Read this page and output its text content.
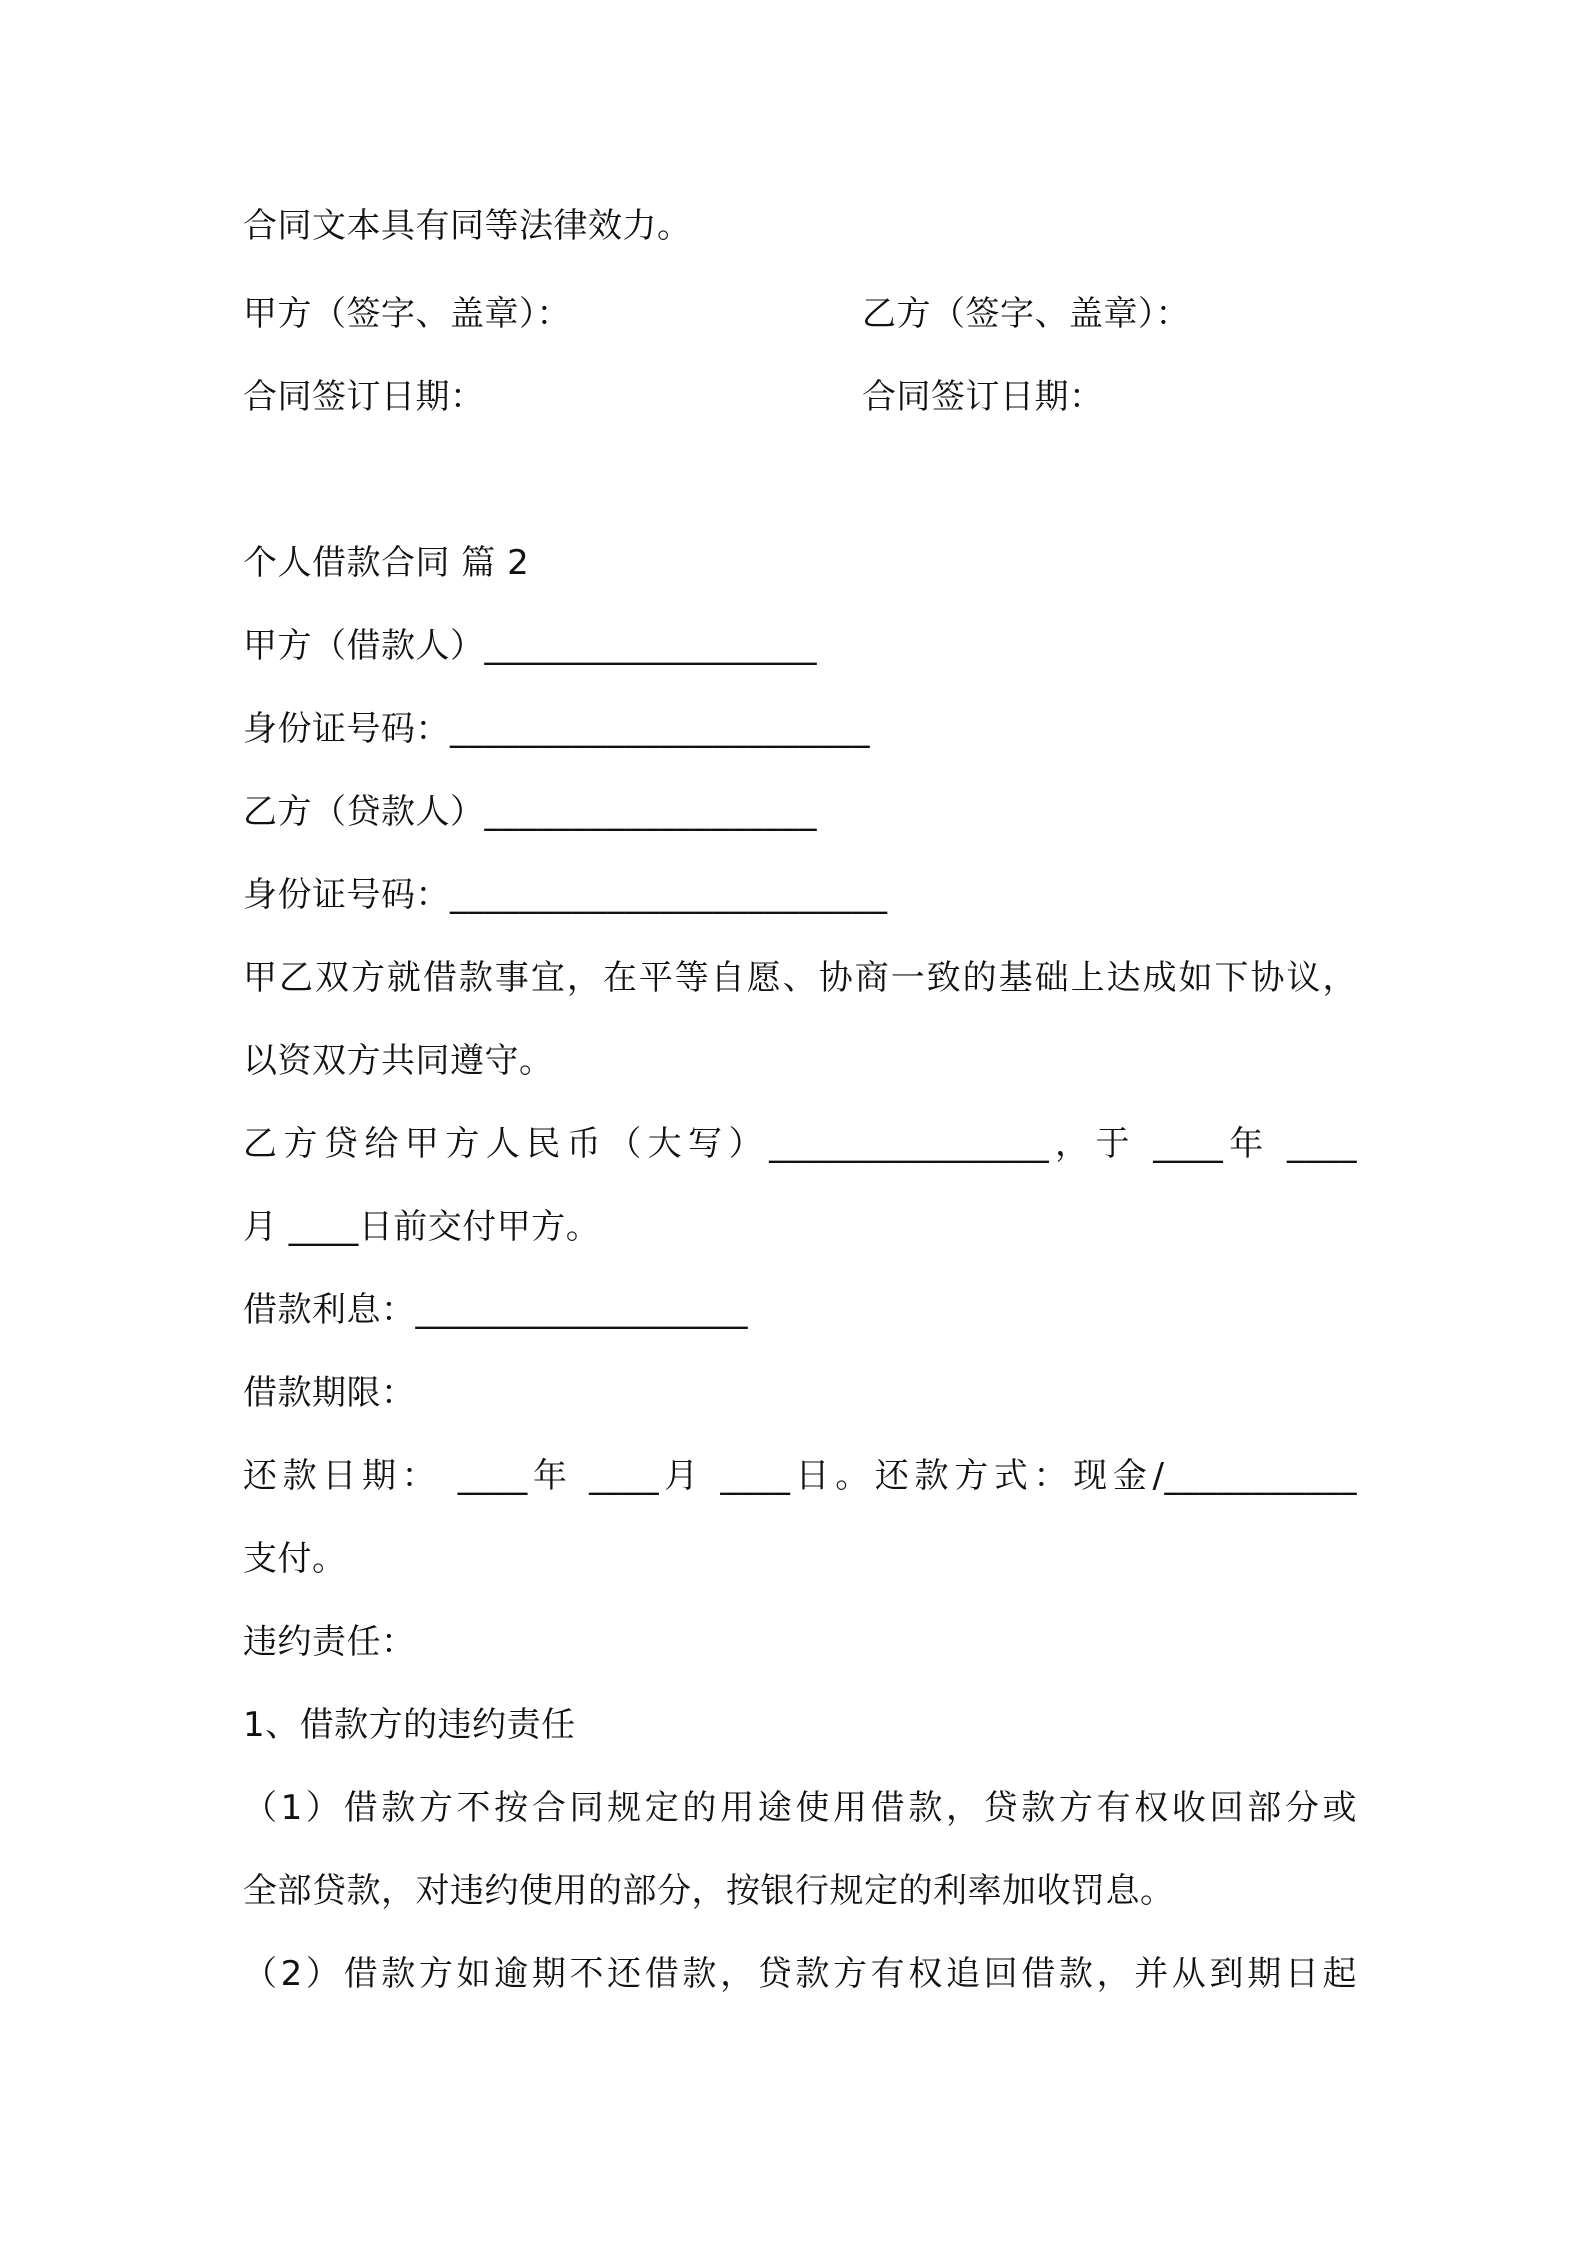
合同文本具有同等法律效力。
甲方（签字、盖章）：	乙方（签字、盖章）：
合同签订日期：	合同签订日期：
个人借款合同 篇 2
甲方（借款人）___________________
身份证号码：________________________
乙方（贷款人）___________________
身份证号码：_________________________
甲乙双方就借款事宜，在平等自愿、协商一致的基础上达成如下协议，
以资双方共同遵守。
乙方贷给甲方人民币（大写）________________，于 ____年 ____
月 ____日前交付甲方。
借款利息：___________________
借款期限：
还款日期： ____年 ____月 ____日。还款方式：现金/___________
支付。
违约责任：
1、借款方的违约责任
（1）借款方不按合同规定的用途使用借款，贷款方有权收回部分或
全部贷款，对违约使用的部分，按银行规定的利率加收罚息。
（2）借款方如逾期不还借款，贷款方有权追回借款，并从到期日起
